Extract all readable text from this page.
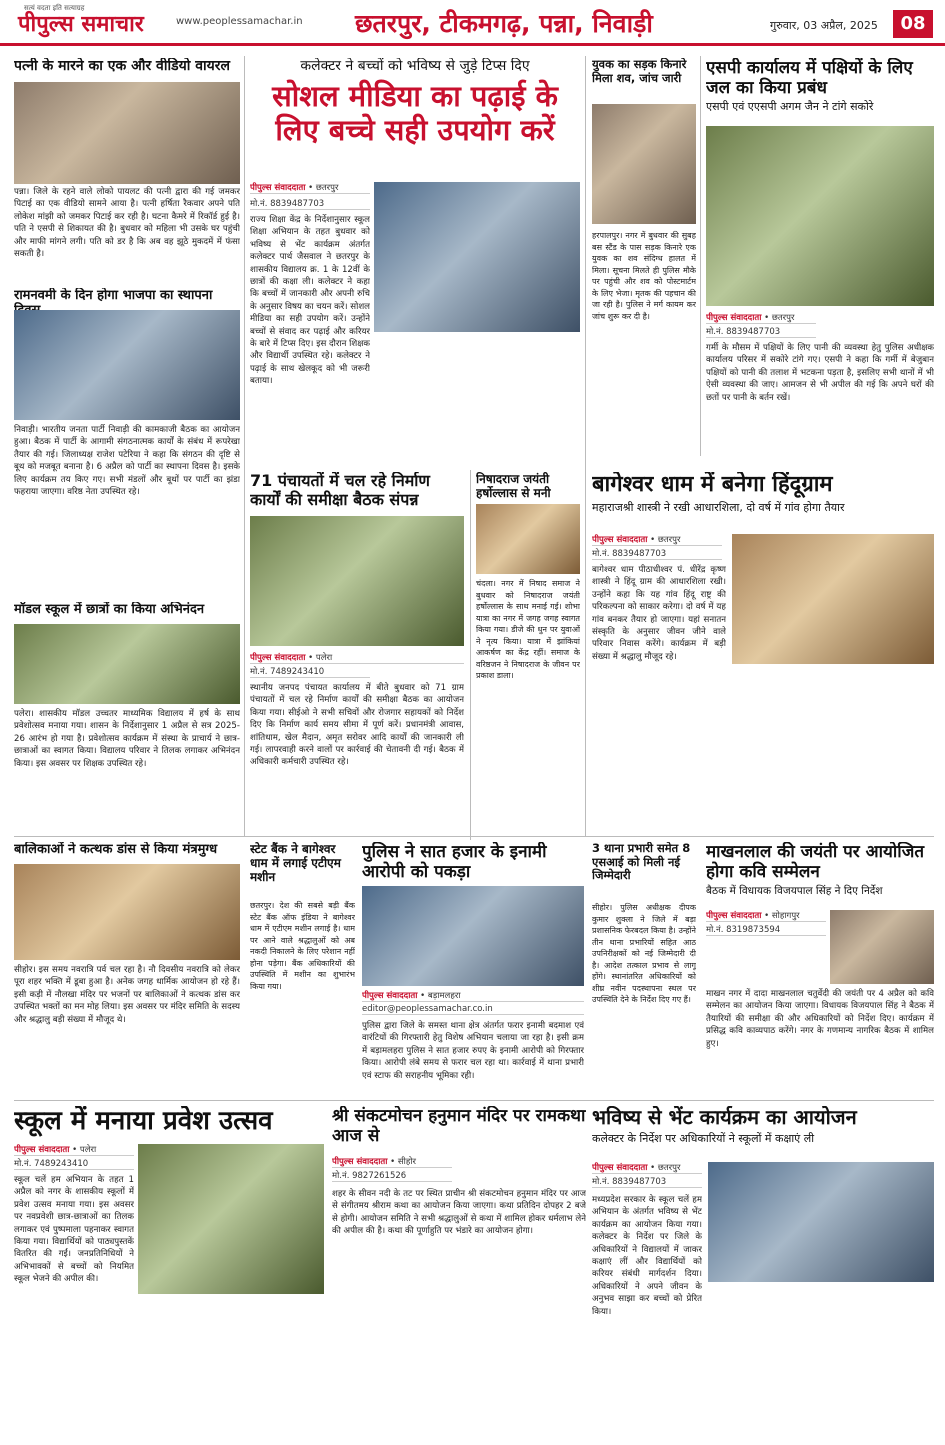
सत्यं वदता इति सत्याग्रह
पीपुल्स समाचार	www.peoplessamachar.in छतरपुर, टीकमगढ़, पन्ना, निवाड़ी	गुरुवार, 03 अप्रैल, 2025	08
पत्नी के मारने का एक और वीडियो वायरल
पन्ना। जिले के रहने वाले लोको पायलट की पत्नी द्वारा की गई जमकर पिटाई का एक वीडियो सामने आया है। पत्नी हर्षिता रैकवार अपने पति लोकेश मांझी को जमकर पिटाई कर रही है। घटना कैमरे में रिकॉर्ड हुई है। पति ने एसपी से शिकायत की है। बुधवार को महिला भी उसके घर पहुंची और माफी मांगने लगी। पति को डर है कि अब वह झूठे मुकदमें में फंसा सकती है।
रामनवमी के दिन होगा भाजपा का स्थापना
निवाड़ी। भारतीय जनता पार्टी निवाड़ी की कामकाजी बैठक का आयोजन हुआ। बैठक में पार्टी के आगामी संगठनात्मक कार्यों के संबंध में रूपरेखा तैयार की गई। जिलाध्यक्ष राजेश पटेरिया ने कहा कि संगठन की दृष्टि से बूथ को मजबूत बनाना है। 6 अप्रैल को पार्टी का स्थापना दिवस है। इसके लिए कार्यक्रम तय किए गए। सभी मंडलों और बूथों पर पार्टी का झंडा फहराया जाएगा। वरिष्ठ नेता उपस्थित रहे।
मॉडल स्कूल में छात्रों का किया अभिनंदन
पलेरा। शासकीय मॉडल उच्चतर माध्यमिक विद्यालय में हर्ष के साथ प्रवेशोत्सव मनाया गया। शासन के निर्देशानुसार 1 अप्रैल से सत्र 2025-26 आरंभ हो गया है। प्रवेशोत्सव कार्यक्रम में संस्था के प्राचार्य ने छात्र-छात्राओं का स्वागत किया। विद्यालय परिवार ने तिलक लगाकर अभिनंदन किया। इस अवसर पर शिक्षक उपस्थित रहे।
बालिकाओं ने कत्थक डांस से किया मंत्रमुग्ध
सीहोर। इस समय नवरात्रि पर्व चल रहा है। नौ दिवसीय नवरात्रि को लेकर पूरा शहर भक्ति में डूबा हुआ है। अनेक जगह धार्मिक आयोजन हो रहे हैं। इसी कड़ी में नौलखा मंदिर पर भजनों पर बालिकाओं ने कत्थक डांस कर उपस्थित भक्तों का मन मोह लिया। इस अवसर पर मंदिर समिति के सदस्य और श्रद्धालु बड़ी संख्या में मौजूद थे।
कलेक्टर ने बच्चों को भविष्य से जुड़े टिप्स दिए
सोशल मीडिया का पढ़ाई के लिए बच्चे सही उपयोग करें
पीपुल्स संवाददाता • छतरपुर
मो.नं. 8839487703
राज्य शिक्षा केंद्र के निर्देशानुसार स्कूल शिक्षा अभियान के तहत बुधवार को भविष्य से भेंट कार्यक्रम अंतर्गत कलेक्टर पार्थ जैसवाल ने छतरपुर के शासकीय विद्यालय क्र. 1 के 12वीं के छात्रों की कक्षा ली। कलेक्टर ने कहा कि बच्चों में जानकारी और अपनी रुचि के अनुसार विषय का चयन करें। सोशल मीडिया का सही उपयोग करें। उन्होंने बच्चों से संवाद कर पढ़ाई और करियर के बारे में टिप्स दिए। इस दौरान शिक्षक और विद्यार्थी उपस्थित रहे। कलेक्टर ने पढ़ाई के साथ खेलकूद को भी जरूरी बताया।
71 पंचायतों में चल रहे निर्माण कार्यों की समीक्षा बैठक संपन्न
पीपुल्स संवाददाता • पलेरा
मो.नं. 7489243410
स्थानीय जनपद पंचायत कार्यालय में बीते बुधवार को 71 ग्राम पंचायतों में चल रहे निर्माण कार्यों की समीक्षा बैठक का आयोजन किया गया। सीईओ ने सभी सचिवों और रोजगार सहायकों को निर्देश दिए कि निर्माण कार्य समय सीमा में पूर्ण करें। प्रधानमंत्री आवास, शांतिधाम, खेल मैदान, अमृत सरोवर आदि कार्यों की जानकारी ली गई। लापरवाही करने वालों पर कार्रवाई की चेतावनी दी गई। बैठक में अधिकारी कर्मचारी उपस्थित रहे।
निषादराज जयंती हर्षोल्लास से मनी
चंदला। नगर में निषाद समाज ने बुधवार को निषादराज जयंती हर्षोल्लास के साथ मनाई गई। शोभा यात्रा का नगर में जगह जगह स्वागत किया गया। डीजे की धुन पर युवाओं ने नृत्य किया। यात्रा में झांकियां आकर्षण का केंद्र रहीं। समाज के वरिष्ठजन ने निषादराज के जीवन पर प्रकाश डाला।
स्टेट बैंक ने बागेश्वर धाम में लगाई एटीएम मशीन
छतरपुर। देश की सबसे बड़ी बैंक स्टेट बैंक ऑफ इंडिया ने बागेश्वर धाम में एटीएम मशीन लगाई है। धाम पर आने वाले श्रद्धालुओं को अब नकदी निकालने के लिए परेशान नहीं होना पड़ेगा। बैंक अधिकारियों की उपस्थिति में मशीन का शुभारंभ किया गया।
पुलिस ने सात हजार के इनामी आरोपी को पकड़ा
पीपुल्स संवाददाता • बड़ामलहरा
editor@peoplessamachar.co.in
पुलिस द्वारा जिले के समस्त थाना क्षेत्र अंतर्गत फरार इनामी बदमाश एवं वारंटियों की गिरफ्तारी हेतु विशेष अभियान चलाया जा रहा है। इसी क्रम में बड़ामलहरा पुलिस ने सात हजार रुपए के इनामी आरोपी को गिरफ्तार किया। आरोपी लंबे समय से फरार चल रहा था। कार्रवाई में थाना प्रभारी एवं स्टाफ की सराहनीय भूमिका रही।
युवक का सड़क किनारे मिला शव, जांच जारी
हरपालपुर। नगर में बुधवार की सुबह बस स्टैंड के पास सड़क किनारे एक युवक का शव संदिग्ध हालत में मिला। सूचना मिलते ही पुलिस मौके पर पहुंची और शव को पोस्टमार्टम के लिए भेजा। मृतक की पहचान की जा रही है। पुलिस ने मर्ग कायम कर जांच शुरू कर दी है।
एसपी कार्यालय में पक्षियों के लिए जल का किया प्रबंध
एसपी एवं एएसपी अगम जैन ने टांगे सकोरे
पीपुल्स संवाददाता • छतरपुर
मो.नं. 8839487703
गर्मी के मौसम में पक्षियों के लिए पानी की व्यवस्था हेतु पुलिस अधीक्षक कार्यालय परिसर में सकोरे टांगे गए। एसपी ने कहा कि गर्मी में बेजुबान पक्षियों को पानी की तलाश में भटकना पड़ता है, इसलिए सभी थानों में भी ऐसी व्यवस्था की जाए। आमजन से भी अपील की गई कि अपने घरों की छतों पर पानी के बर्तन रखें।
बागेश्वर धाम में बनेगा हिंदूग्राम
महाराजश्री शास्त्री ने रखी आधारशिला, दो वर्ष में गांव होगा तैयार
पीपुल्स संवाददाता • छतरपुर
मो.नं. 8839487703
बागेश्वर धाम पीठाधीश्वर पं. धीरेंद्र कृष्ण शास्त्री ने हिंदू ग्राम की आधारशिला रखी। उन्होंने कहा कि यह गांव हिंदू राष्ट्र की परिकल्पना को साकार करेगा। दो वर्ष में यह गांव बनकर तैयार हो जाएगा। यहां सनातन संस्कृति के अनुसार जीवन जीने वाले परिवार निवास करेंगे। कार्यक्रम में बड़ी संख्या में श्रद्धालु मौजूद रहे।
3 थाना प्रभारी समेत 8 एसआई को मिली नई जिम्मेदारी
सीहोर। पुलिस अधीक्षक दीपक कुमार शुक्ला ने जिले में बड़ा प्रशासनिक फेरबदल किया है। उन्होंने तीन थाना प्रभारियों सहित आठ उपनिरीक्षकों को नई जिम्मेदारी दी है। आदेश तत्काल प्रभाव से लागू होंगे। स्थानांतरित अधिकारियों को शीघ्र नवीन पदस्थापना स्थल पर उपस्थिति देने के निर्देश दिए गए हैं।
माखनलाल की जयंती पर आयोजित होगा कवि सम्मेलन
बैठक में विधायक विजयपाल सिंह ने दिए निर्देश
पीपुल्स संवाददाता • सोहागपुर
मो.नं. 8319873594
माखन नगर में दादा माखनलाल चतुर्वेदी की जयंती पर 4 अप्रैल को कवि सम्मेलन का आयोजन किया जाएगा। विधायक विजयपाल सिंह ने बैठक में तैयारियों की समीक्षा की और अधिकारियों को निर्देश दिए। कार्यक्रम में प्रसिद्ध कवि काव्यपाठ करेंगे। नगर के गणमान्य नागरिक बैठक में शामिल हुए।
स्कूल में मनाया प्रवेश उत्सव
पीपुल्स संवाददाता • पलेरा
मो.नं. 7489243410
स्कूल चलें हम अभियान के तहत 1 अप्रैल को नगर के शासकीय स्कूलों में प्रवेश उत्सव मनाया गया। इस अवसर पर नवप्रवेशी छात्र-छात्राओं का तिलक लगाकर एवं पुष्पमाला पहनाकर स्वागत किया गया। विद्यार्थियों को पाठ्यपुस्तकें वितरित की गईं। जनप्रतिनिधियों ने अभिभावकों से बच्चों को नियमित स्कूल भेजने की अपील की।
श्री संकटमोचन हनुमान मंदिर पर रामकथा आज से
पीपुल्स संवाददाता • सीहोर
मो.नं. 9827261526
शहर के सीवन नदी के तट पर स्थित प्राचीन श्री संकटमोचन हनुमान मंदिर पर आज से संगीतमय श्रीराम कथा का आयोजन किया जाएगा। कथा प्रतिदिन दोपहर 2 बजे से होगी। आयोजन समिति ने सभी श्रद्धालुओं से कथा में शामिल होकर धर्मलाभ लेने की अपील की है। कथा की पूर्णाहुति पर भंडारे का आयोजन होगा।
भविष्य से भेंट कार्यक्रम का आयोजन
कलेक्टर के निर्देश पर अधिकारियों ने स्कूलों में कक्षाएं ली
पीपुल्स संवाददाता • छतरपुर
मो.नं. 8839487703
मध्यप्रदेश सरकार के स्कूल चलें हम अभियान के अंतर्गत भविष्य से भेंट कार्यक्रम का आयोजन किया गया। कलेक्टर के निर्देश पर जिले के अधिकारियों ने विद्यालयों में जाकर कक्षाएं लीं और विद्यार्थियों को करियर संबंधी मार्गदर्शन दिया। अधिकारियों ने अपने जीवन के अनुभव साझा कर बच्चों को प्रेरित किया।
